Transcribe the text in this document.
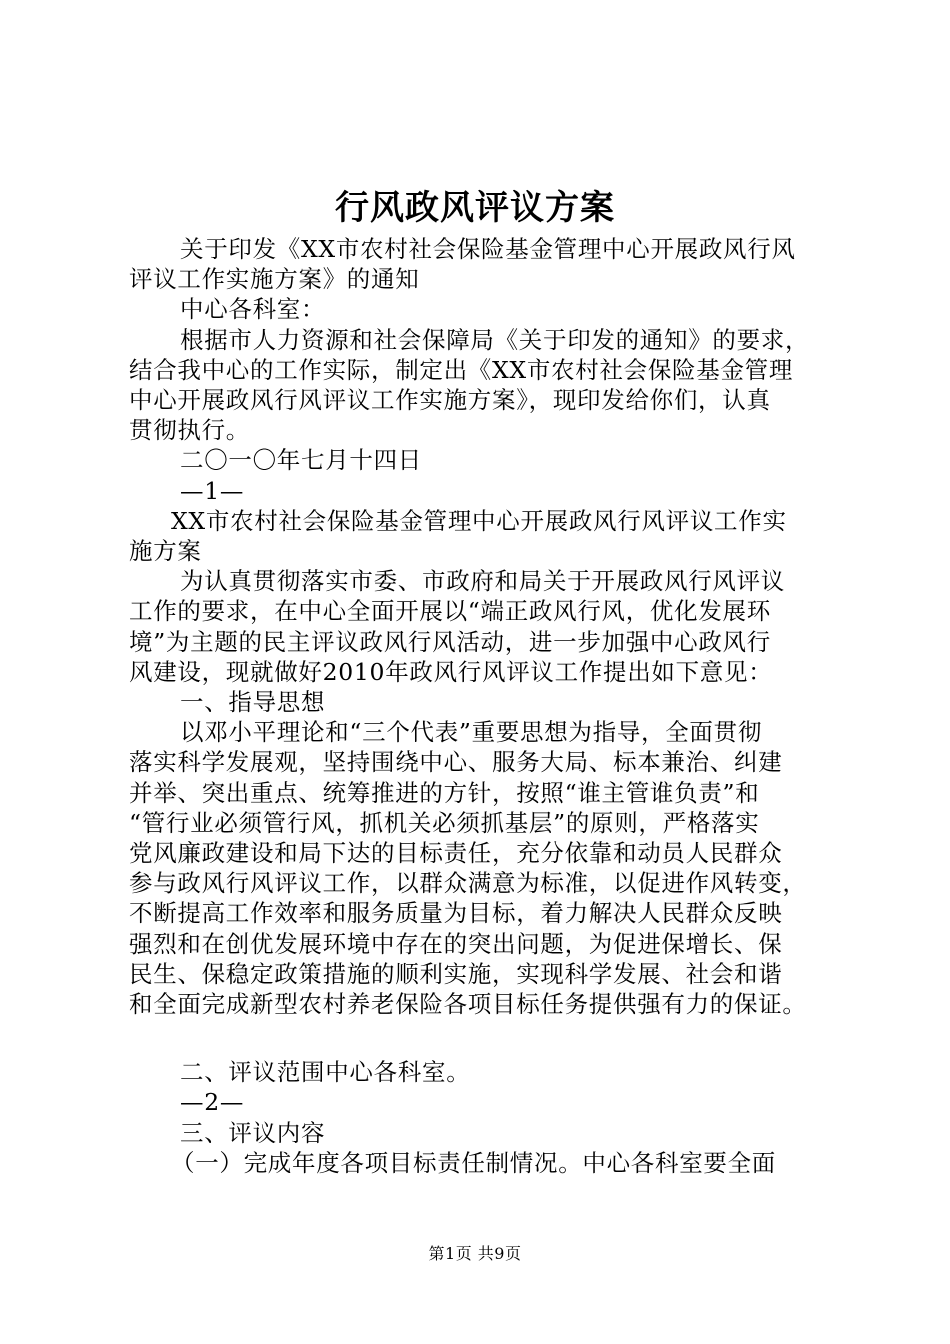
行风政风评议方案

关于印发《XX市农村社会保险基金管理中心开展政风行风

评议工作实施方案》的通知

中心各科室：

根据市人力资源和社会保障局《关于印发的通知》的要求，

结合我中心的工作实际，制定出《XX市农村社会保险基金管理

中心开展政风行风评议工作实施方案》，现印发给你们，认真

贯彻执行。

二〇一〇年七月十四日

—1—

XX市农村社会保险基金管理中心开展政风行风评议工作实

施方案

为认真贯彻落实市委、市政府和局关于开展政风行风评议

工作的要求，在中心全面开展以“端正政风行风，优化发展环

境”为主题的民主评议政风行风活动，进一步加强中心政风行

风建设，现就做好2010年政风行风评议工作提出如下意见：

一、指导思想

以邓小平理论和“三个代表”重要思想为指导，全面贯彻

落实科学发展观，坚持围绕中心、服务大局、标本兼治、纠建

并举、突出重点、统筹推进的方针，按照“谁主管谁负责”和

“管行业必须管行风，抓机关必须抓基层”的原则，严格落实

党风廉政建设和局下达的目标责任，充分依靠和动员人民群众

参与政风行风评议工作，以群众满意为标准，以促进作风转变，

不断提高工作效率和服务质量为目标，着力解决人民群众反映

强烈和在创优发展环境中存在的突出问题，为促进保增长、保

民生、保稳定政策措施的顺利实施，实现科学发展、社会和谐

和全面完成新型农村养老保险各项目标任务提供强有力的保证。

二、评议范围中心各科室。

—2—

三、评议内容

（一）完成年度各项目标责任制情况。中心各科室要全面

第1页 共9页
